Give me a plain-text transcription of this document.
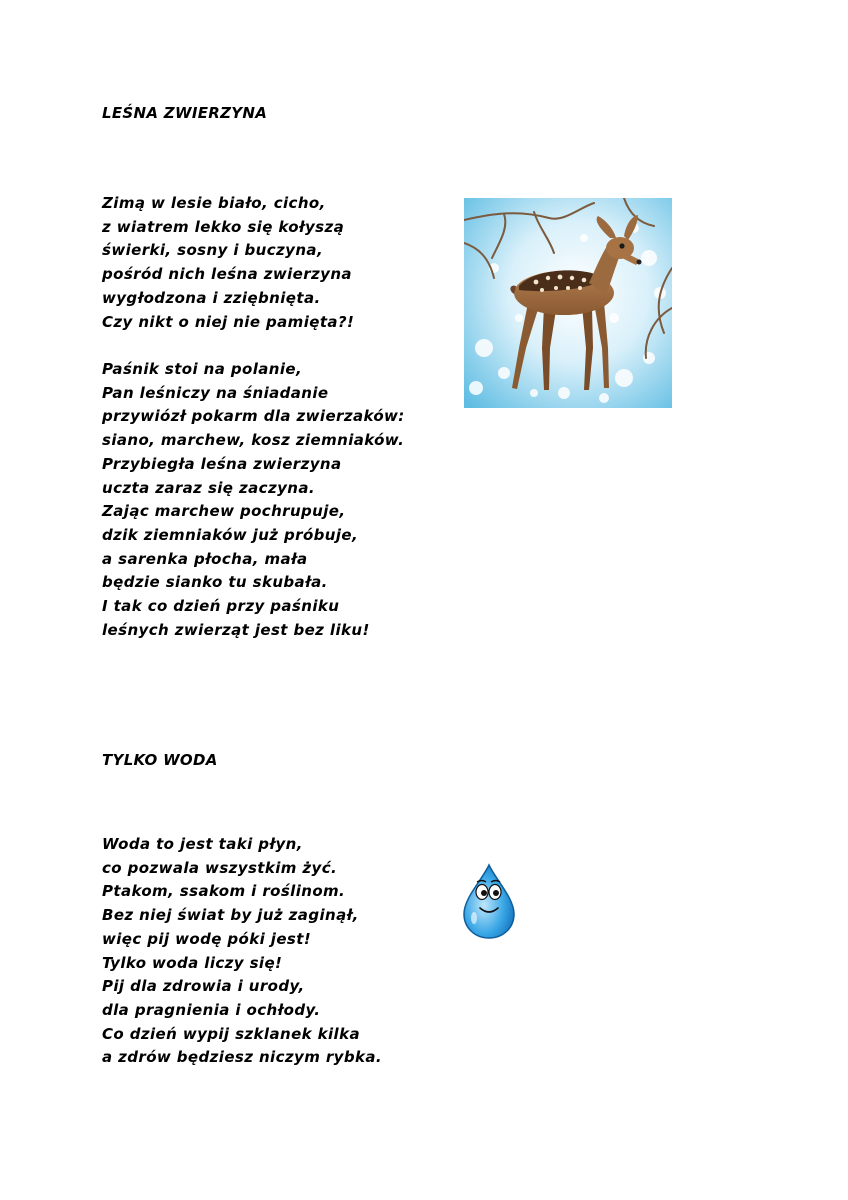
LEŚNA ZWIERZYNA
Zimą w lesie biało, cicho,
z wiatrem lekko się kołyszą
świerki, sosny i buczyna,
pośród nich leśna zwierzyna
wygłodzona i zziębnięta.
Czy nikt o niej nie pamięta?!
Paśnik stoi na polanie,
Pan leśniczy na śniadanie
przywiózł pokarm dla zwierzaków:
siano, marchew, kosz ziemniaków.
Przybiegła leśna zwierzyna
uczta zaraz się zaczyna.
Zając marchew pochrupuje,
dzik ziemniaków już próbuje,
a sarenka płocha, mała
będzie sianko tu skubała.
I tak co dzień przy paśniku
leśnych zwierząt jest bez liku!
TYLKO WODA
Woda to jest taki płyn,
co pozwala wszystkim żyć.
Ptakom, ssakom i roślinom.
Bez niej świat by już zaginął,
więc pij wodę póki jest!
Tylko woda liczy się!
Pij dla zdrowia i urody,
dla pragnienia i ochłody.
Co dzień wypij szklanek kilka
a zdrów będziesz niczym rybka.
